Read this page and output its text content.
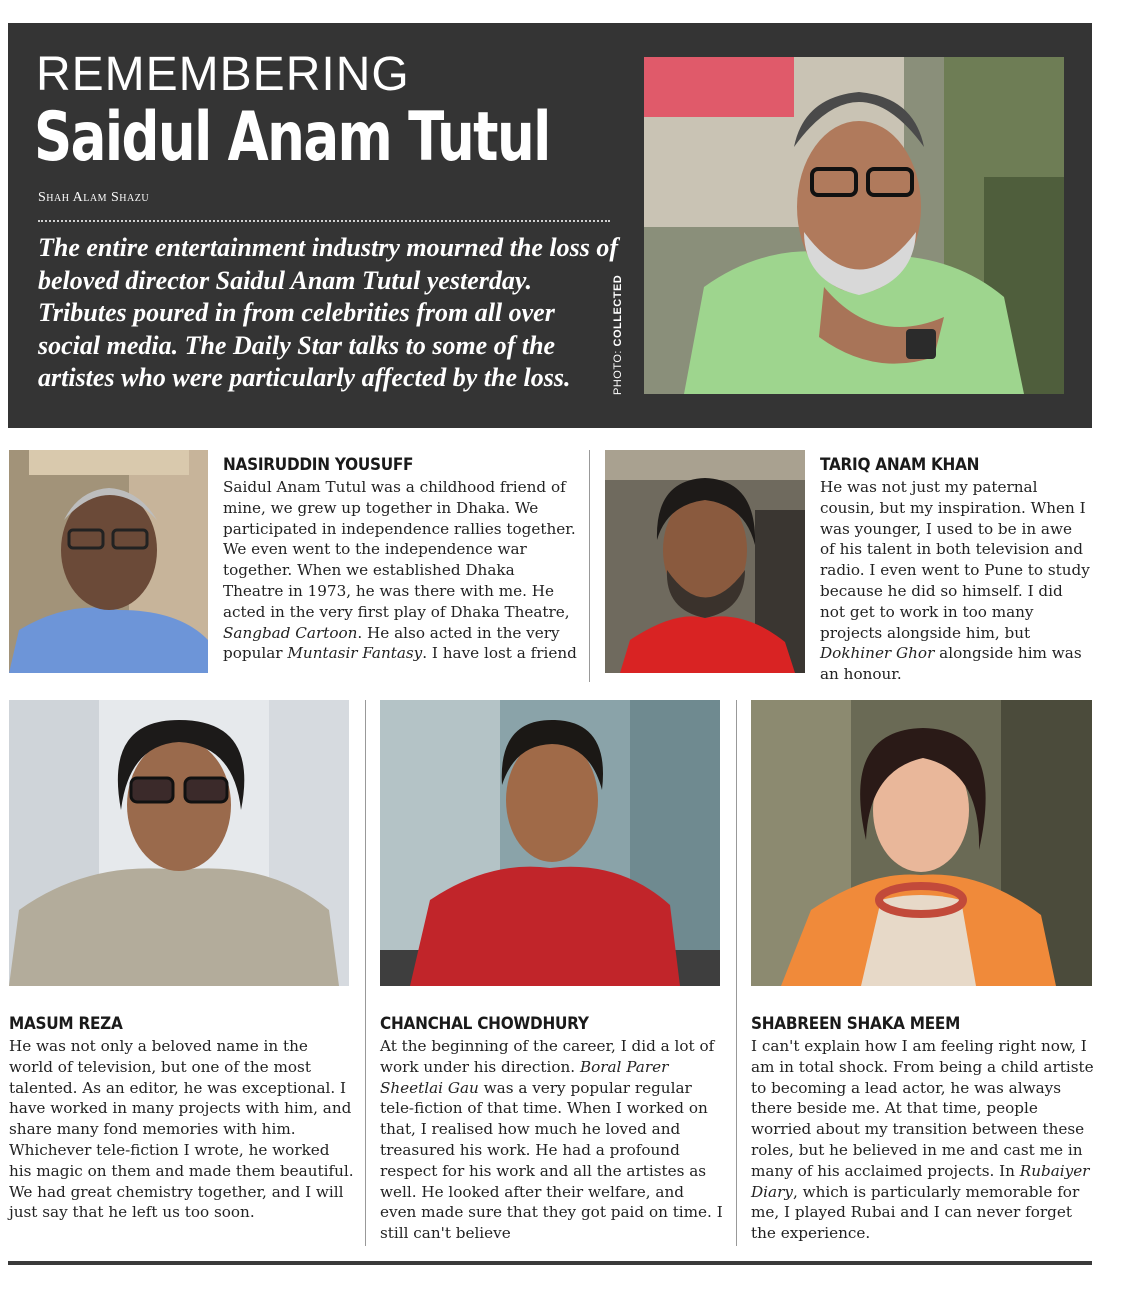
REMEMBERING
Saidul Anam Tutul
Shah Alam Shazu
The entire entertainment industry mourned the loss of beloved director Saidul Anam Tutul yesterday. Tributes poured in from celebrities from all over social media. The Daily Star talks to some of the artistes who were particularly affected by the loss.	PHOTO: COLLECTED
NASIRUDDIN YOUSUFF
Saidul Anam Tutul was a childhood friend of mine, we grew up together in Dhaka. We participated in independence rallies together. We even went to the independence war together. When we established Dhaka Theatre in 1973, he was there with me. He acted in the very first play of Dhaka Theatre, Sangbad Cartoon. He also acted in the very popular Muntasir Fantasy. I have lost a friend
TARIQ ANAM KHAN
He was not just my paternal cousin, but my inspiration. When I was younger, I used to be in awe of his talent in both television and radio. I even went to Pune to study because he did so himself. I did not get to work in too many projects alongside him, but Dokhiner Ghor alongside him was an honour.
MASUM REZA
He was not only a beloved name in the world of television, but one of the most talented. As an editor, he was exceptional. I have worked in many projects with him, and share many fond memories with him. Whichever tele-fiction I wrote, he worked his magic on them and made them beautiful. We had great chemistry together, and I will just say that he left us too soon.
CHANCHAL CHOWDHURY
At the beginning of the career, I did a lot of work under his direction. Boral Parer Sheetlai Gau was a very popular regular tele-fiction of that time. When I worked on that, I realised how much he loved and treasured his work. He had a profound respect for his work and all the artistes as well. He looked after their welfare, and even made sure that they got paid on time. I still can't believe
SHABREEN SHAKA MEEM
I can't explain how I am feeling right now, I am in total shock. From being a child artiste to becoming a lead actor, he was always there beside me. At that time, people worried about my transition between these roles, but he believed in me and cast me in many of his acclaimed projects. In Rubaiyer Diary, which is particularly memorable for me, I played Rubai and I can never forget the experience.
